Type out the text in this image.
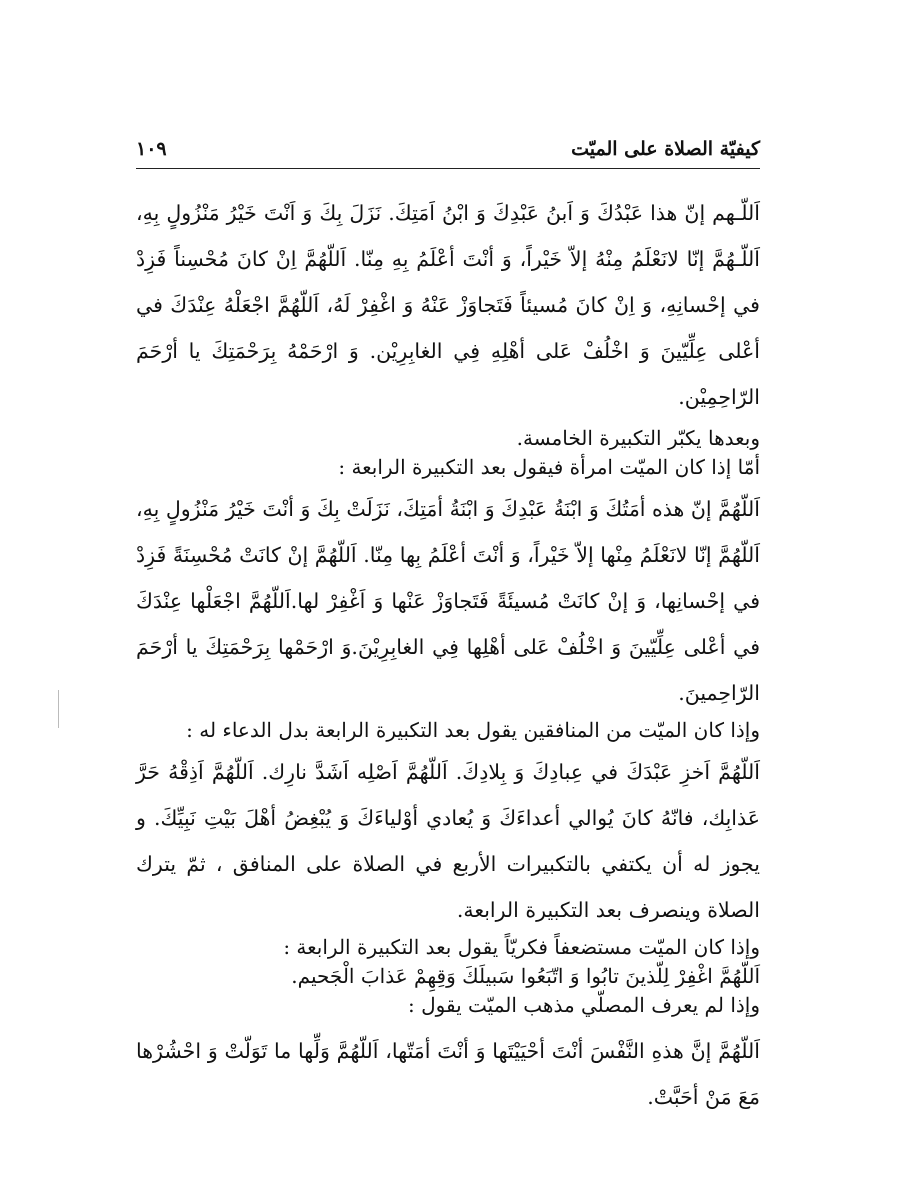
كيفيّة الصلاة على الميّت
١٠٩

اَللّـهم إنّ هذا عَبْدُكَ وَ اَبنُ عَبْدِكَ وَ ابْنُ اَمَتِكَ. نَزَلَ بِكَ وَ اَنْتَ خَيْرُ مَنْزُولٍ بِهِ، اَللّـهُمَّ إنّا لانَعْلَمُ مِنْهُ إلاّ خَيْراً، وَ أنْتَ أعْلَمُ بِهِ مِنّا. اَللّهُمَّ اِنْ كانَ مُحْسِناً فَزِدْ في إحْسانِهِ، وَ اِنْ كانَ مُسيئاً فَتَجاوَزْ عَنْهُ وَ اغْفِرْ لَهُ، اَللّهُمَّ اجْعَلْهُ عِنْدَكَ في أعْلى عِلِّيّينَ وَ اخْلُفْ عَلى أهْلِهِ فِي الغابِرِيْن. وَ ارْحَمْهُ بِرَحْمَتِكَ يا أرْحَمَ الرّاحِمِيْن.

وبعدها يكبّر التكبيرة الخامسة.

أمّا إذا كان الميّت امرأة فيقول بعد التكبيرة الرابعة :

اَللّهُمَّ إنّ هذه أمَتُكَ وَ ابْنَةُ عَبْدِكَ وَ ابْنَةُ أمَتِكَ، نَزَلَتْ بِكَ وَ أنْتَ خَيْرُ مَنْزُولٍ بِهِ، اَللّهُمَّ إنّا لانَعْلَمُ مِنْها إلاّ خَيْراً، وَ أنْتَ أعْلَمُ بِها مِنّا. اَللّهُمَّ إنْ كانَتْ مُحْسِنَةً فَزِدْ في إحْسانِها، وَ إنْ كانَتْ مُسيئَةً فَتَجاوَزْ عَنْها وَ اَغْفِرْ لها.اَللّهُمَّ اجْعَلْها عِنْدَكَ في أعْلى عِلِّيّينَ وَ اخْلُفْ عَلى أهْلِها فِي الغابِرِيْنَ.وَ ارْحَمْها بِرَحْمَتِكَ يا أرْحَمَ الرّاحِمينَ.

وإذا كان الميّت من المنافقين يقول بعد التكبيرة الرابعة بدل الدعاء له :

اَللّهُمَّ اَخزِ عَبْدَكَ في عِبادِكَ وَ بِلادِكَ. اَللّهُمَّ اَصْلِه اَشَدَّ نارِك. اَللّهُمَّ اَذِقْهُ حَرَّ عَذابِك، فانّهُ كانَ يُوالي أعداءَكَ وَ يُعادي أوْلياءَكَ وَ يُبْغِضُ أهْلَ بَيْتِ نَبِيِّكَ. و يجوز له أن يكتفي بالتكبيرات الأربع في الصلاة على المنافق ، ثمّ يترك الصلاة وينصرف بعد التكبيرة الرابعة.

وإذا كان الميّت مستضعفاً فكريّاً يقول بعد التكبيرة الرابعة :

اَللّهُمَّ اغْفِرْ لِلّذينَ تابُوا وَ اتّبَعُوا سَبيلَكَ وَقِهِمْ عَذابَ الْجَحيم.

وإذا لم يعرف المصلّي مذهب الميّت يقول :

اَللّهُمَّ إنَّ هذهِ النَّفْسَ أنْتَ أحْيَيْتَها وَ أنْتَ أمَتّها، اَللّهُمَّ وَلِّها ما تَوَلّتْ وَ احْشُرْها مَعَ مَنْ أحَبَّتْ.
